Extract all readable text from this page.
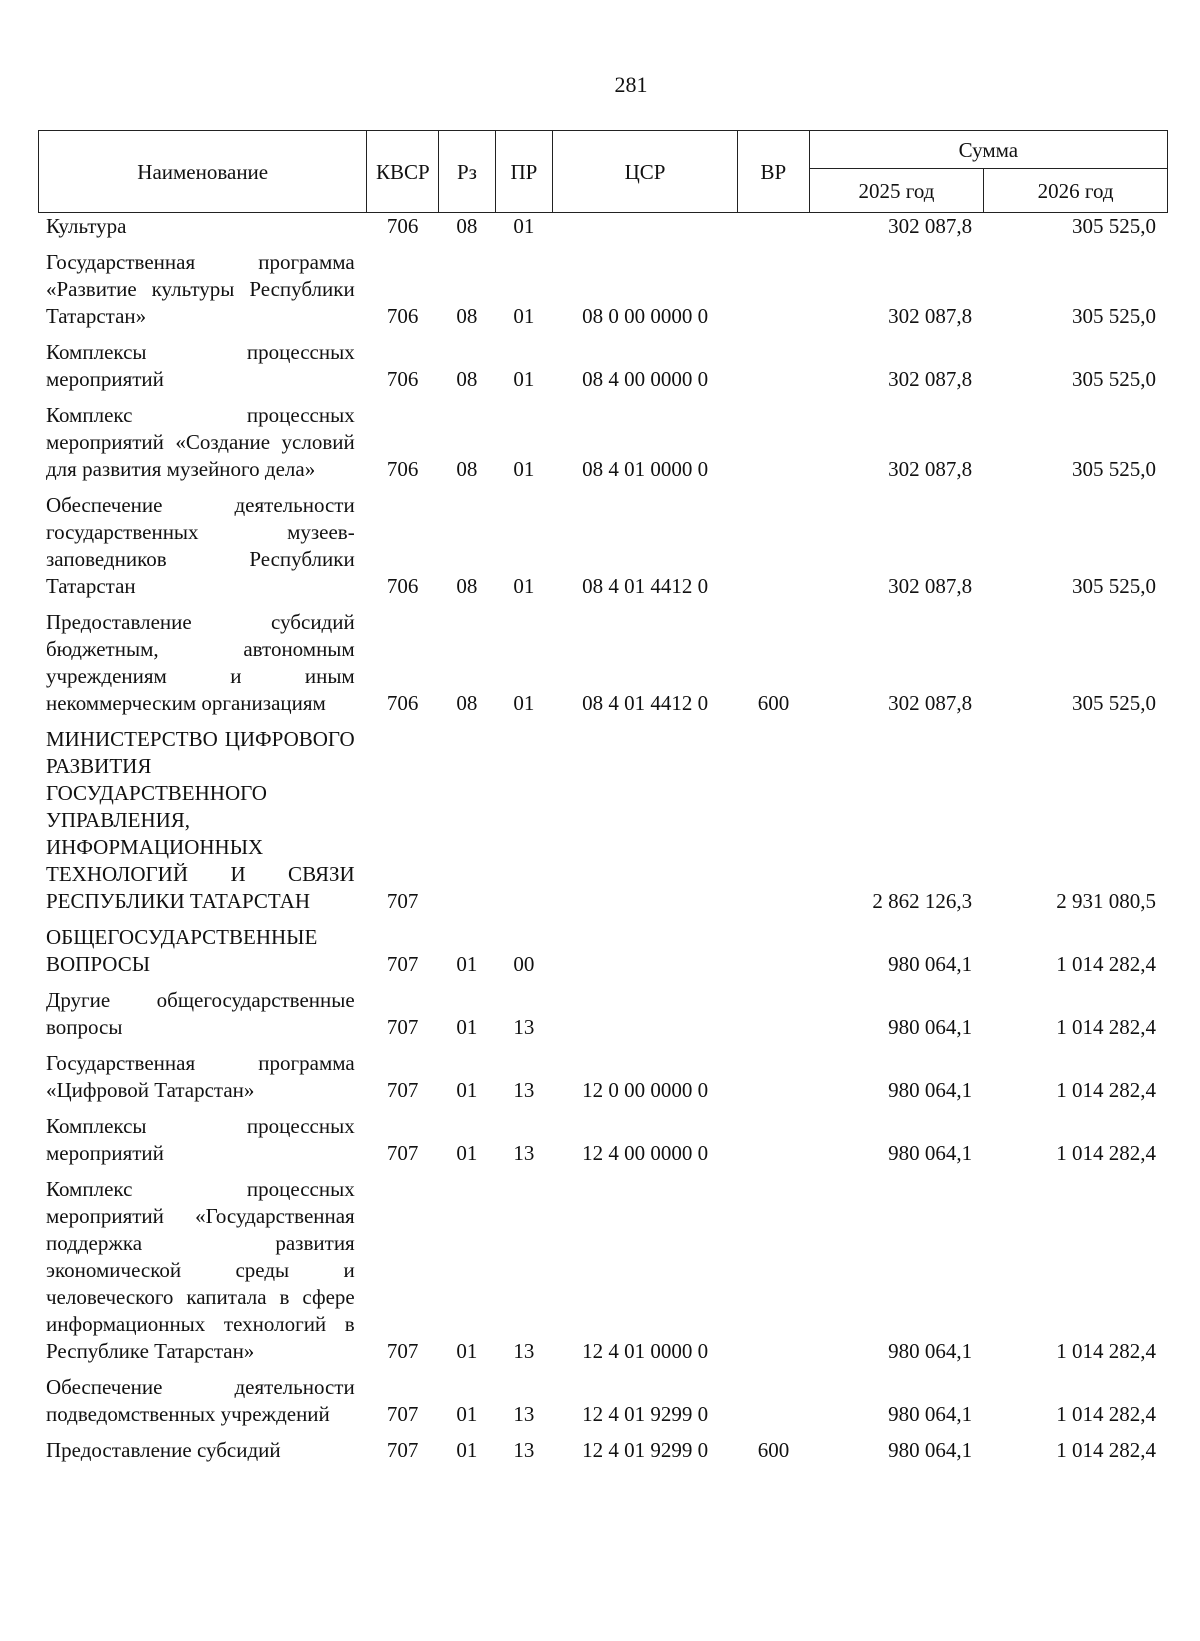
281
Наименование	КВСР	Рз	ПР	ЦСР	ВР	Сумма	
						2025 год	2026 год
Культура	706	08	01			302 087,8	305 525,0

Государственная программа «Развитие культуры Республики Татарстан»	706	08	01	08 0 00 0000 0		302 087,8	305 525,0

Комплексы процессных мероприятий	706	08	01	08 4 00 0000 0		302 087,8	305 525,0

Комплекс процессных мероприятий «Создание условий для развития музейного дела»	706	08	01	08 4 01 0000 0		302 087,8	305 525,0

Обеспечение деятельности государственных музеев-заповедников Республики Татарстан	706	08	01	08 4 01 4412 0		302 087,8	305 525,0

Предоставление субсидий бюджетным, автономным учреждениям и иным некоммерческим организациям	706	08	01	08 4 01 4412 0	600	302 087,8	305 525,0

МИНИСТЕРСТВО ЦИФРОВОГО РАЗВИТИЯ ГОСУДАРСТВЕННОГО УПРАВЛЕНИЯ, ИНФОРМАЦИОННЫХ ТЕХНОЛОГИЙ И СВЯЗИ РЕСПУБЛИКИ ТАТАРСТАН	707					2 862 126,3	2 931 080,5

ОБЩЕГОСУДАРСТВЕННЫЕ ВОПРОСЫ	707	01	00			980 064,1	1 014 282,4

Другие общегосударственные вопросы	707	01	13			980 064,1	1 014 282,4

Государственная программа «Цифровой Татарстан»	707	01	13	12 0 00 0000 0		980 064,1	1 014 282,4

Комплексы процессных мероприятий	707	01	13	12 4 00 0000 0		980 064,1	1 014 282,4

Комплекс процессных мероприятий «Государственная поддержка развития экономической среды и человеческого капитала в сфере информационных технологий в Республике Татарстан»	707	01	13	12 4 01 0000 0		980 064,1	1 014 282,4

Обеспечение деятельности подведомственных учреждений	707	01	13	12 4 01 9299 0		980 064,1	1 014 282,4

Предоставление субсидий	707	01	13	12 4 01 9299 0	600	980 064,1	1 014 282,4
